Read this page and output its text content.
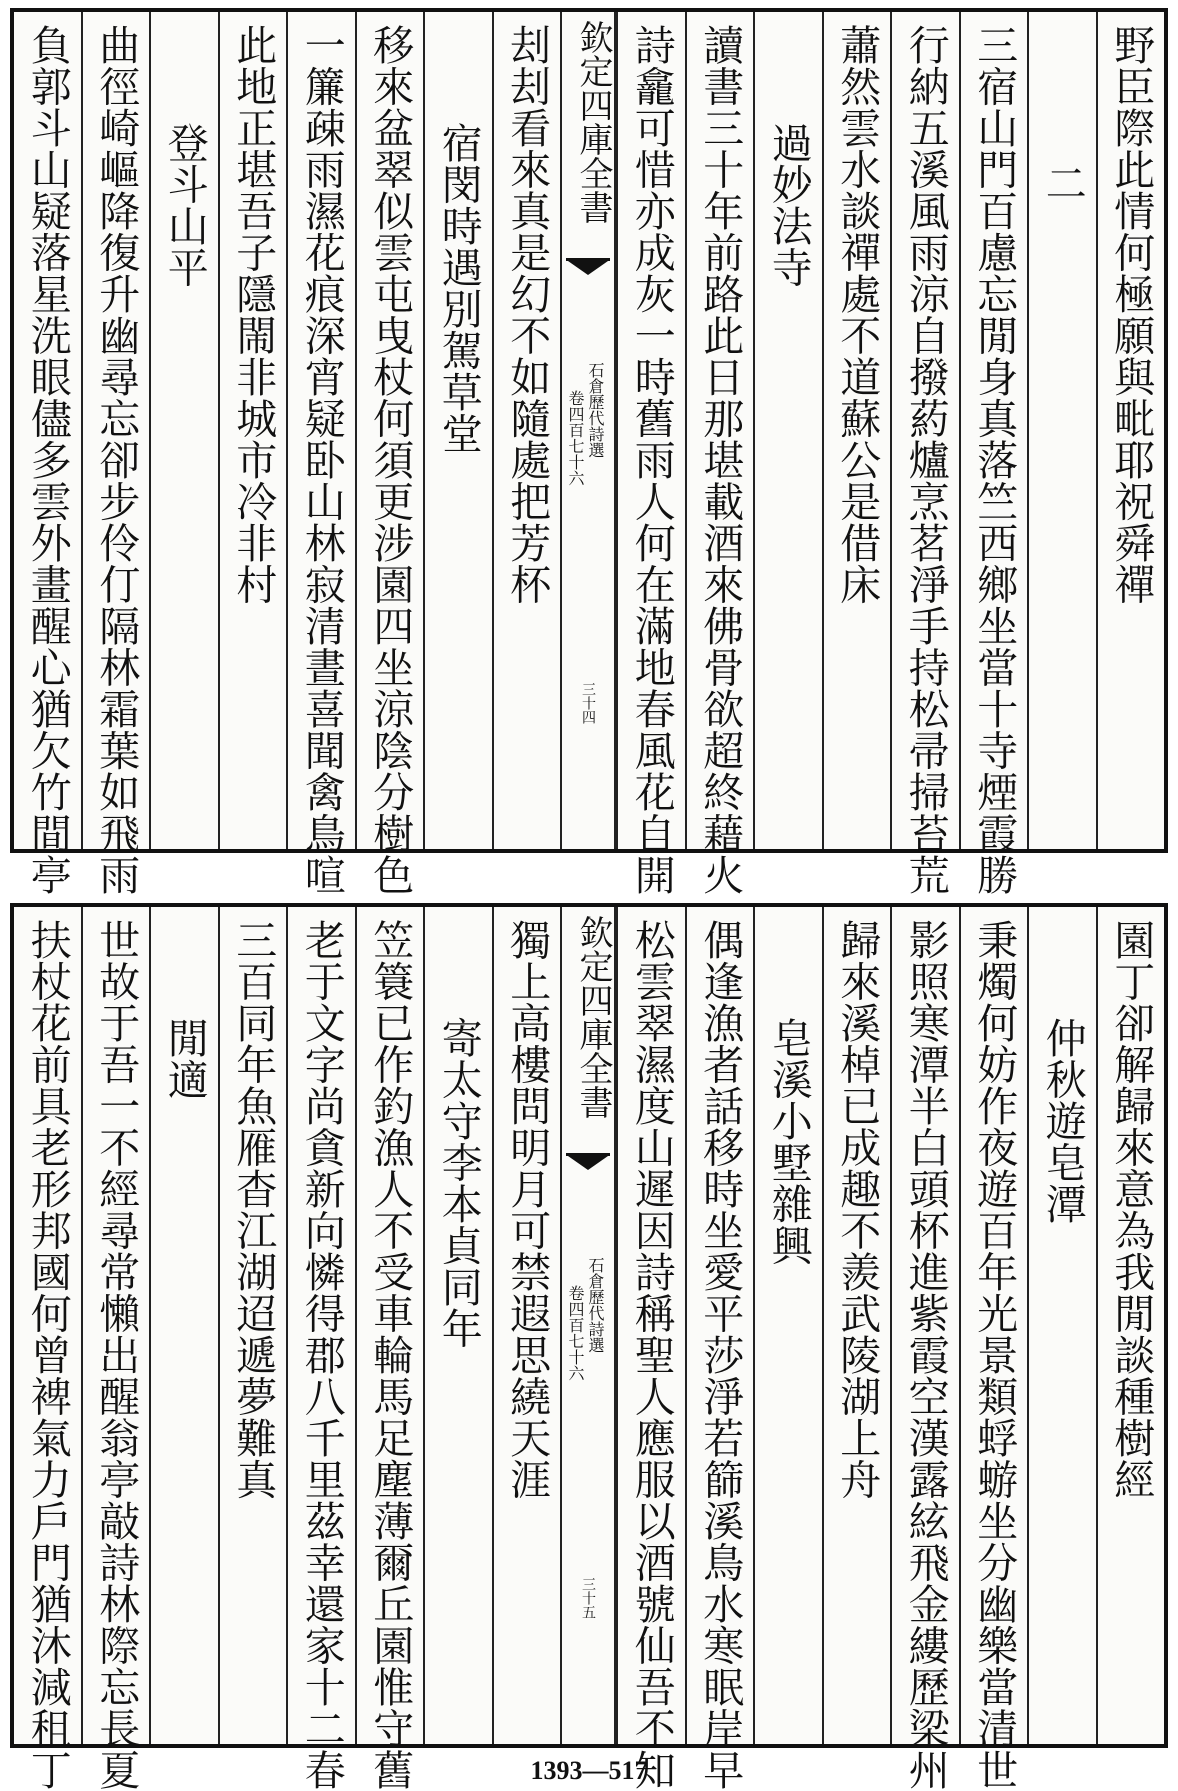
野臣際此情何極願與毗耶祝舜禪
二
三宿山門百慮忘閒身真落竺西鄉坐當十寺煙霞勝
行納五溪風雨涼自撥葯爐烹茗淨手持松帚掃苔荒
蕭然雲水談禪處不道蘇公是借床
過妙法寺
讀書三十年前路此日那堪載酒來佛骨欲超終藉火
詩龕可惜亦成灰一時舊雨人何在滿地春風花自開
欽定四庫全書
石倉歷代詩選
卷四百七十六
三十四
刦刦看來真是幻不如隨處把芳杯
宿閔時遇別駕草堂
移來盆翠似雲屯曳杖何須更涉園四坐涼陰分樹色
一簾疎雨濕花痕深宵疑卧山林寂清晝喜聞禽鳥喧
此地正堪吾子隱閙非城市冷非村
登斗山平
曲徑崎嶇降復升幽尋忘卻步伶仃隔林霜葉如飛雨
負郭斗山疑落星洗眼儘多雲外畫醒心猶欠竹間亭
園丁卻解歸來意為我閒談種樹經
仲秋遊皂潭
秉燭何妨作夜遊百年光景類蜉蝣坐分幽樂當清世
影照寒潭半白頭杯進紫霞空漢露絃飛金縷歷梁州
歸來溪棹已成趣不羨武陵湖上舟
皂溪小墅雜興
偶逢漁者話移時坐愛平莎淨若篩溪鳥水寒眠岸早
松雲翠濕度山遲因詩稱聖人應服以酒號仙吾不知
欽定四庫全書
石倉歷代詩選
卷四百七十六
三十五
獨上高樓問明月可禁遐思繞天涯
寄太守李本貞同年
笠簑已作釣漁人不受車輪馬足塵薄爾丘園惟守舊
老于文字尚貪新向憐得郡八千里茲幸還家十二春
三百同年魚雁杳江湖迢遞夢難真
閒適
世故于吾一不經尋常懶出醒翁亭敲詩林際忘長夏
扶杖花前具老形邦國何曾裨氣力戶門猶沐減租丁	1393—517
